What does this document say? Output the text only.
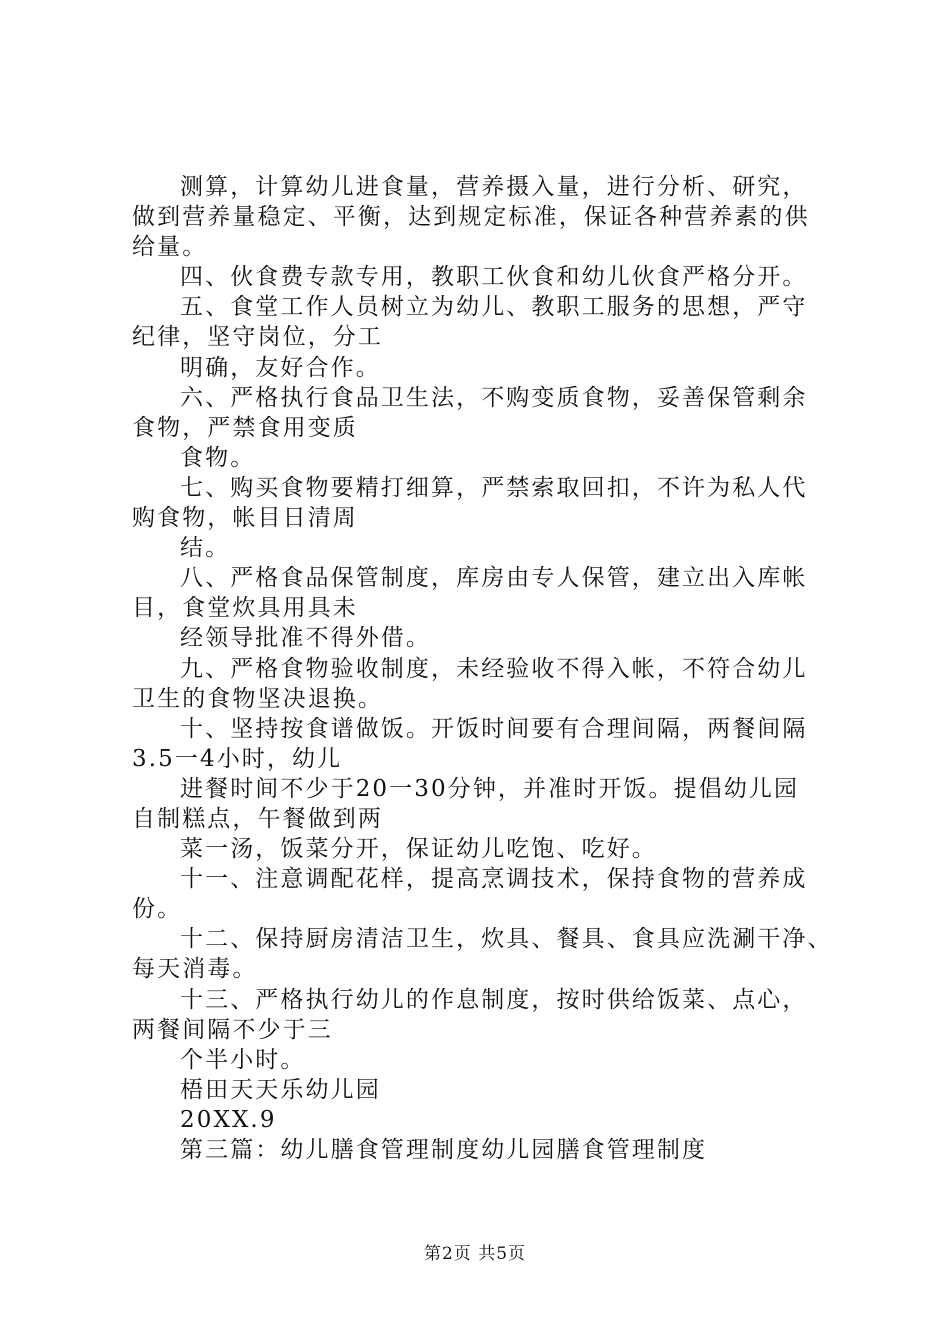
测算，计算幼儿进食量，营养摄入量，进行分析、研究，
做到营养量稳定、平衡，达到规定标准，保证各种营养素的供
给量。
四、伙食费专款专用，教职工伙食和幼儿伙食严格分开。
五、食堂工作人员树立为幼儿、教职工服务的思想，严守
纪律，坚守岗位，分工
明确，友好合作。
六、严格执行食品卫生法，不购变质食物，妥善保管剩余
食物，严禁食用变质
食物。
七、购买食物要精打细算，严禁索取回扣，不许为私人代
购食物，帐目日清周
结。
八、严格食品保管制度，库房由专人保管，建立出入库帐
目，食堂炊具用具未
经领导批准不得外借。
九、严格食物验收制度，未经验收不得入帐，不符合幼儿
卫生的食物坚决退换。
十、坚持按食谱做饭。开饭时间要有合理间隔，两餐间隔
3.5一4小时，幼儿
进餐时间不少于20一30分钟，并准时开饭。提倡幼儿园
自制糕点，午餐做到两
菜一汤，饭菜分开，保证幼儿吃饱、吃好。
十一、注意调配花样，提高烹调技术，保持食物的营养成
份。
十二、保持厨房清洁卫生，炊具、餐具、食具应洗涮干净、
每天消毒。
十三、严格执行幼儿的作息制度，按时供给饭菜、点心，
两餐间隔不少于三
个半小时。
梧田天天乐幼儿园
20XX.9
第三篇：幼儿膳食管理制度幼儿园膳食管理制度
第2页 共5页
